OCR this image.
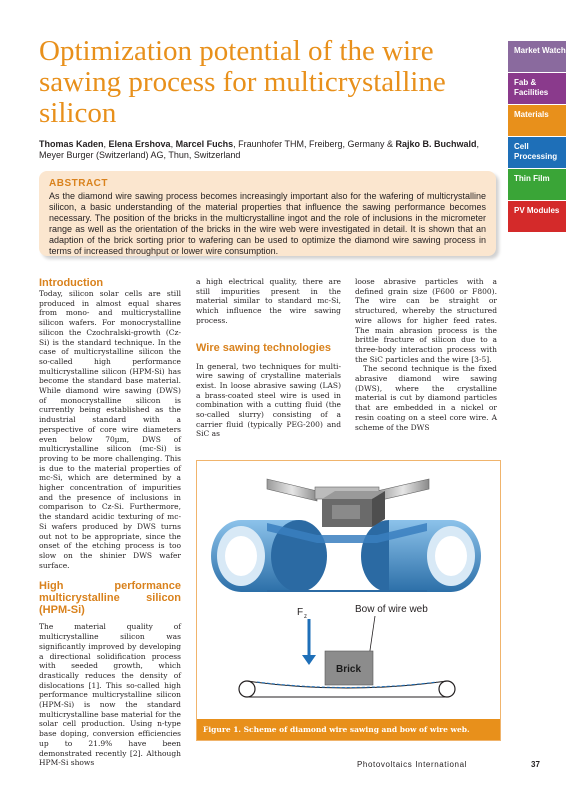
Optimization potential of the wire sawing process for multicrystalline silicon

Thomas Kaden, Elena Ershova, Marcel Fuchs, Fraunhofer THM, Freiberg, Germany & Rajko B. Buchwald, Meyer Burger (Switzerland) AG, Thun, Switzerland

Market Watch
Fab & Facilities
Materials
Cell Processing
Thin Film
PV Modules
ABSTRACT

As the diamond wire sawing process becomes increasingly important also for the wafering of multicrystalline silicon, a basic understanding of the material properties that influence the sawing performance becomes necessary. The position of the bricks in the multicrystalline ingot and the role of inclusions in the micrometer range as well as the orientation of the bricks in the wire web were investigated in detail. It is shown that an adaption of the brick sorting prior to wafering can be used to optimize the diamond wire sawing process in terms of increased throughput or lower wire consumption.

Introduction

Today, silicon solar cells are still produced in almost equal shares from mono- and multicrystalline silicon wafers. For monocrystalline silicon the Czochralski-growth (Cz-Si) is the standard technique. In the case of multicrystalline silicon the so-called high performance multicrystalline silicon (HPM-Si) has become the standard base material. While diamond wire sawing (DWS) of monocrystalline silicon is currently being established as the industrial standard with a perspective of core wire diameters even below 70µm, DWS of multicrystalline silicon (mc-Si) is proving to be more challenging. This is due to the material properties of mc-Si, which are determined by a higher concentration of impurities and the presence of inclusions in comparison to Cz-Si. Furthermore, the standard acidic texturing of mc-Si wafers produced by DWS turns out not to be appropriate, since the onset of the etching process is too slow on the shinier DWS wafer surface.

High performance multicrystalline silicon (HPM-Si)

The material quality of multicrystalline silicon was significantly improved by developing a directional solidification process with seeded growth, which drastically reduces the density of dislocations [1]. This so-called high performance multicrystalline silicon (HPM-Si) is now the standard multicrystalline base material for the solar cell production. Using n-type base doping, conversion efficiencies up to 21.9% have been demonstrated recently [2]. Although HPM-Si shows

a high electrical quality, there are still impurities present in the material similar to standard mc-Si, which influence the wire sawing process.

Wire sawing technologies

In general, two techniques for multi-wire sawing of crystalline materials exist. In loose abrasive sawing (LAS) a brass-coated steel wire is used in combination with a cutting fluid (the so-called slurry) consisting of a carrier fluid (typically PEG-200) and SiC as

loose abrasive particles with a defined grain size (F600 or F800). The wire can be straight or structured, whereby the structured wire allows for higher feed rates. The main abrasion process is the brittle fracture of silicon due to a three-body interaction process with the SiC particles and the wire [3-5].

The second technique is the fixed abrasive diamond wire sawing (DWS), where the crystalline material is cut by diamond particles that are embedded in a nickel or resin coating on a steel core wire. A scheme of the DWS

F z
Bow of wire web
Brick
Figure 1. Scheme of diamond wire sawing and bow of wire web.
Photovoltaics International	37
